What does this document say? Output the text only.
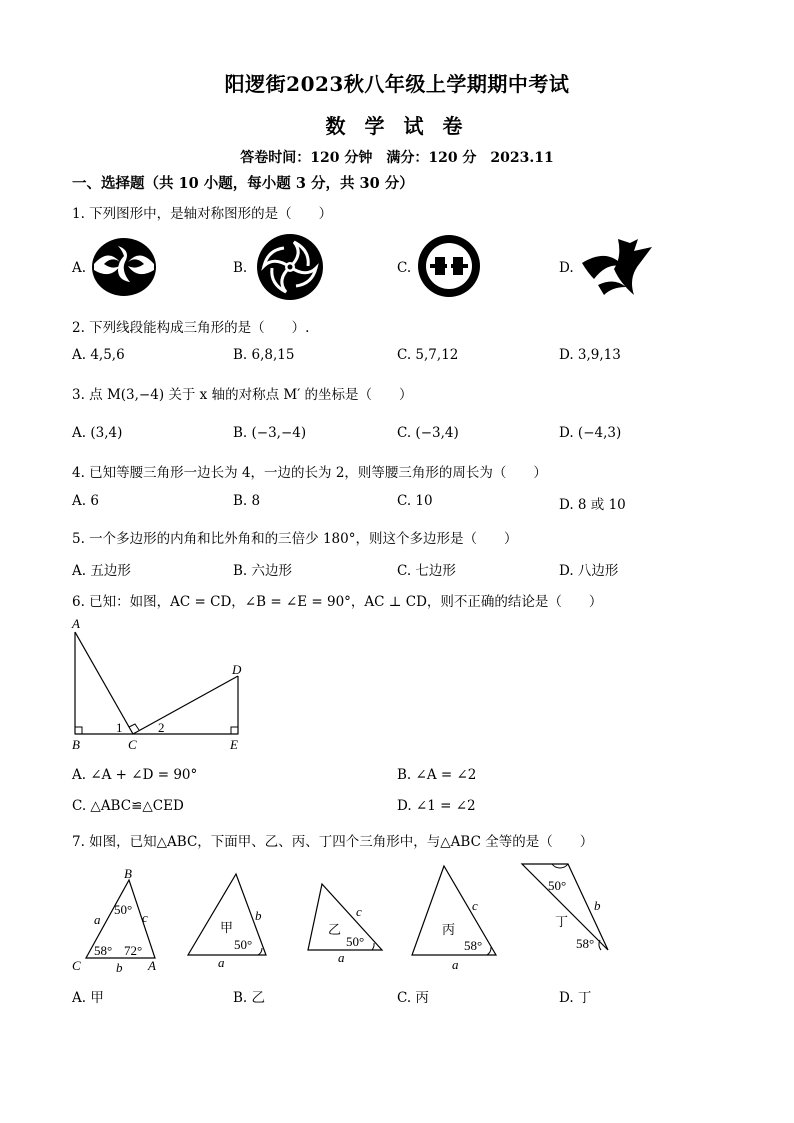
阳逻街2023秋八年级上学期期中考试
数 学 试 卷
答卷时间：120 分钟　满分：120 分　2023.11
一、选择题（共 10 小题，每小题 3 分，共 30 分）
1. 下列图形中，是轴对称图形的是（　　）
A.	B.	C.	D.
2. 下列线段能构成三角形的是（　　）.
A. 4,5,6	B. 6,8,15	C. 5,7,12	D. 3,9,13
3. 点 M(3,−4) 关于 x 轴的对称点 M′ 的坐标是（　　）
A. (3,4)	B. (−3,−4)	C. (−3,4)	D. (−4,3)
4. 已知等腰三角形一边长为 4，一边的长为 2，则等腰三角形的周长为（　　）
A. 6	B. 8	C. 10	D. 8 或 10
5. 一个多边形的内角和比外角和的三倍少 180°，则这个多边形是（　　）
A. 五边形	B. 六边形	C. 七边形	D. 八边形
6. 已知：如图，AC = CD，∠B = ∠E = 90°，AC ⊥ CD，则不正确的结论是（　　）
A
B	C
D
E
1	2
A. ∠A + ∠D = 90°	B. ∠A = ∠2
C. △ABC≌△CED	D. ∠1 = ∠2
7. 如图，已知△ABC，下面甲、乙、丙、丁四个三角形中，与△ABC 全等的是（　　）
B
C	A
a
b
c
50°
58° 72°
甲
b
a
50°
乙
c
a
50°
丙
c
a
58°
丁
b
50°
58°
A. 甲	B. 乙	C. 丙	D. 丁
